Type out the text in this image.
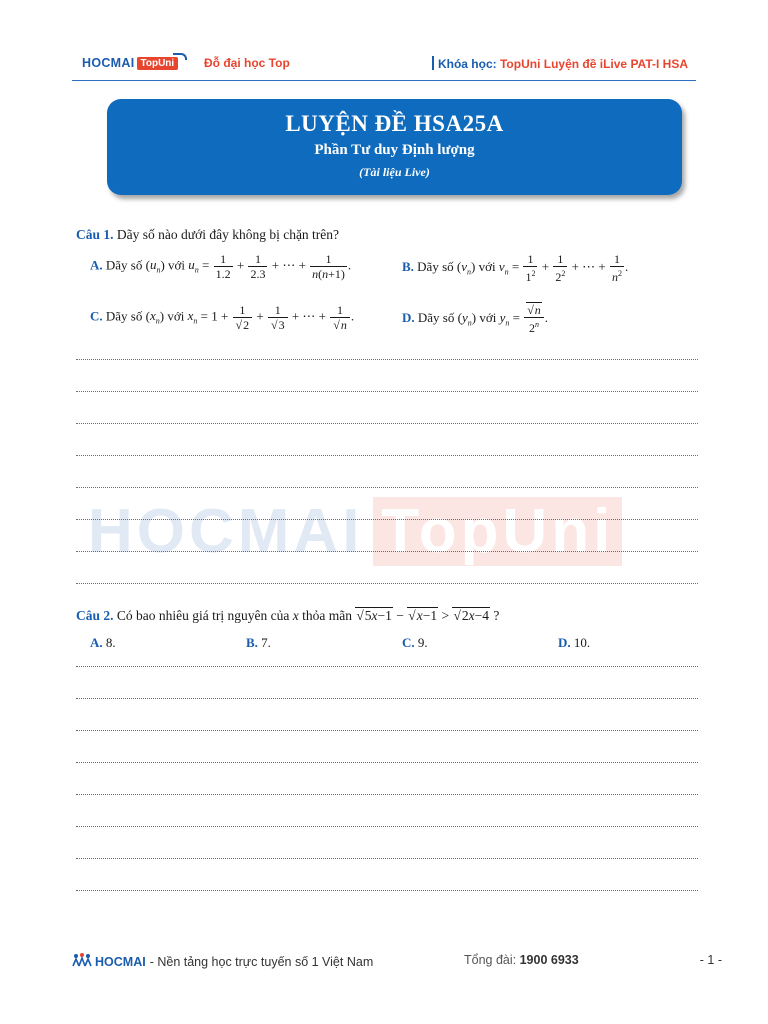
HOCMAI TopUni	Đỗ đại học Top	Khóa học: TopUni Luyện đề iLive PAT-I HSA
LUYỆN ĐỀ HSA25A
Phần Tư duy Định lượng
(Tài liệu Live)
HOCMAI TopUni
Câu 1. Dãy số nào dưới đây không bị chặn trên?
A. Dãy số $(u_n)$ với $u_n = \frac{1}{1.2} + \frac{1}{2.3}$ + ⋯ + $\frac{1}{n(n+1)}$ .	B. Dãy số $(v_n)$ với $v_n = \frac{1}{1^2} + \frac{1}{2^2}$ + ⋯ + $\frac{1}{n^2}$ .
C. Dãy số $(x_n)$ với $x_n = 1 + 1$
√ 2 + 1
√ 3 + ⋯ + 1
√ n .	D. Dãy số $(y_n)$ với $y_n$ = √ $\frac{n}{2^n}$ .
Câu 2. Có bao nhiêu giá trị nguyên của x thỏa mãn √ 5x−1 − √ x−1 > √ 2x−4 ?
A. 8.	B. 7.	C. 9.	D. 10.
HOCMAI - Nền tảng học trực tuyến số 1 Việt Nam	Tổng đài: 1900 6933	- 1 -
